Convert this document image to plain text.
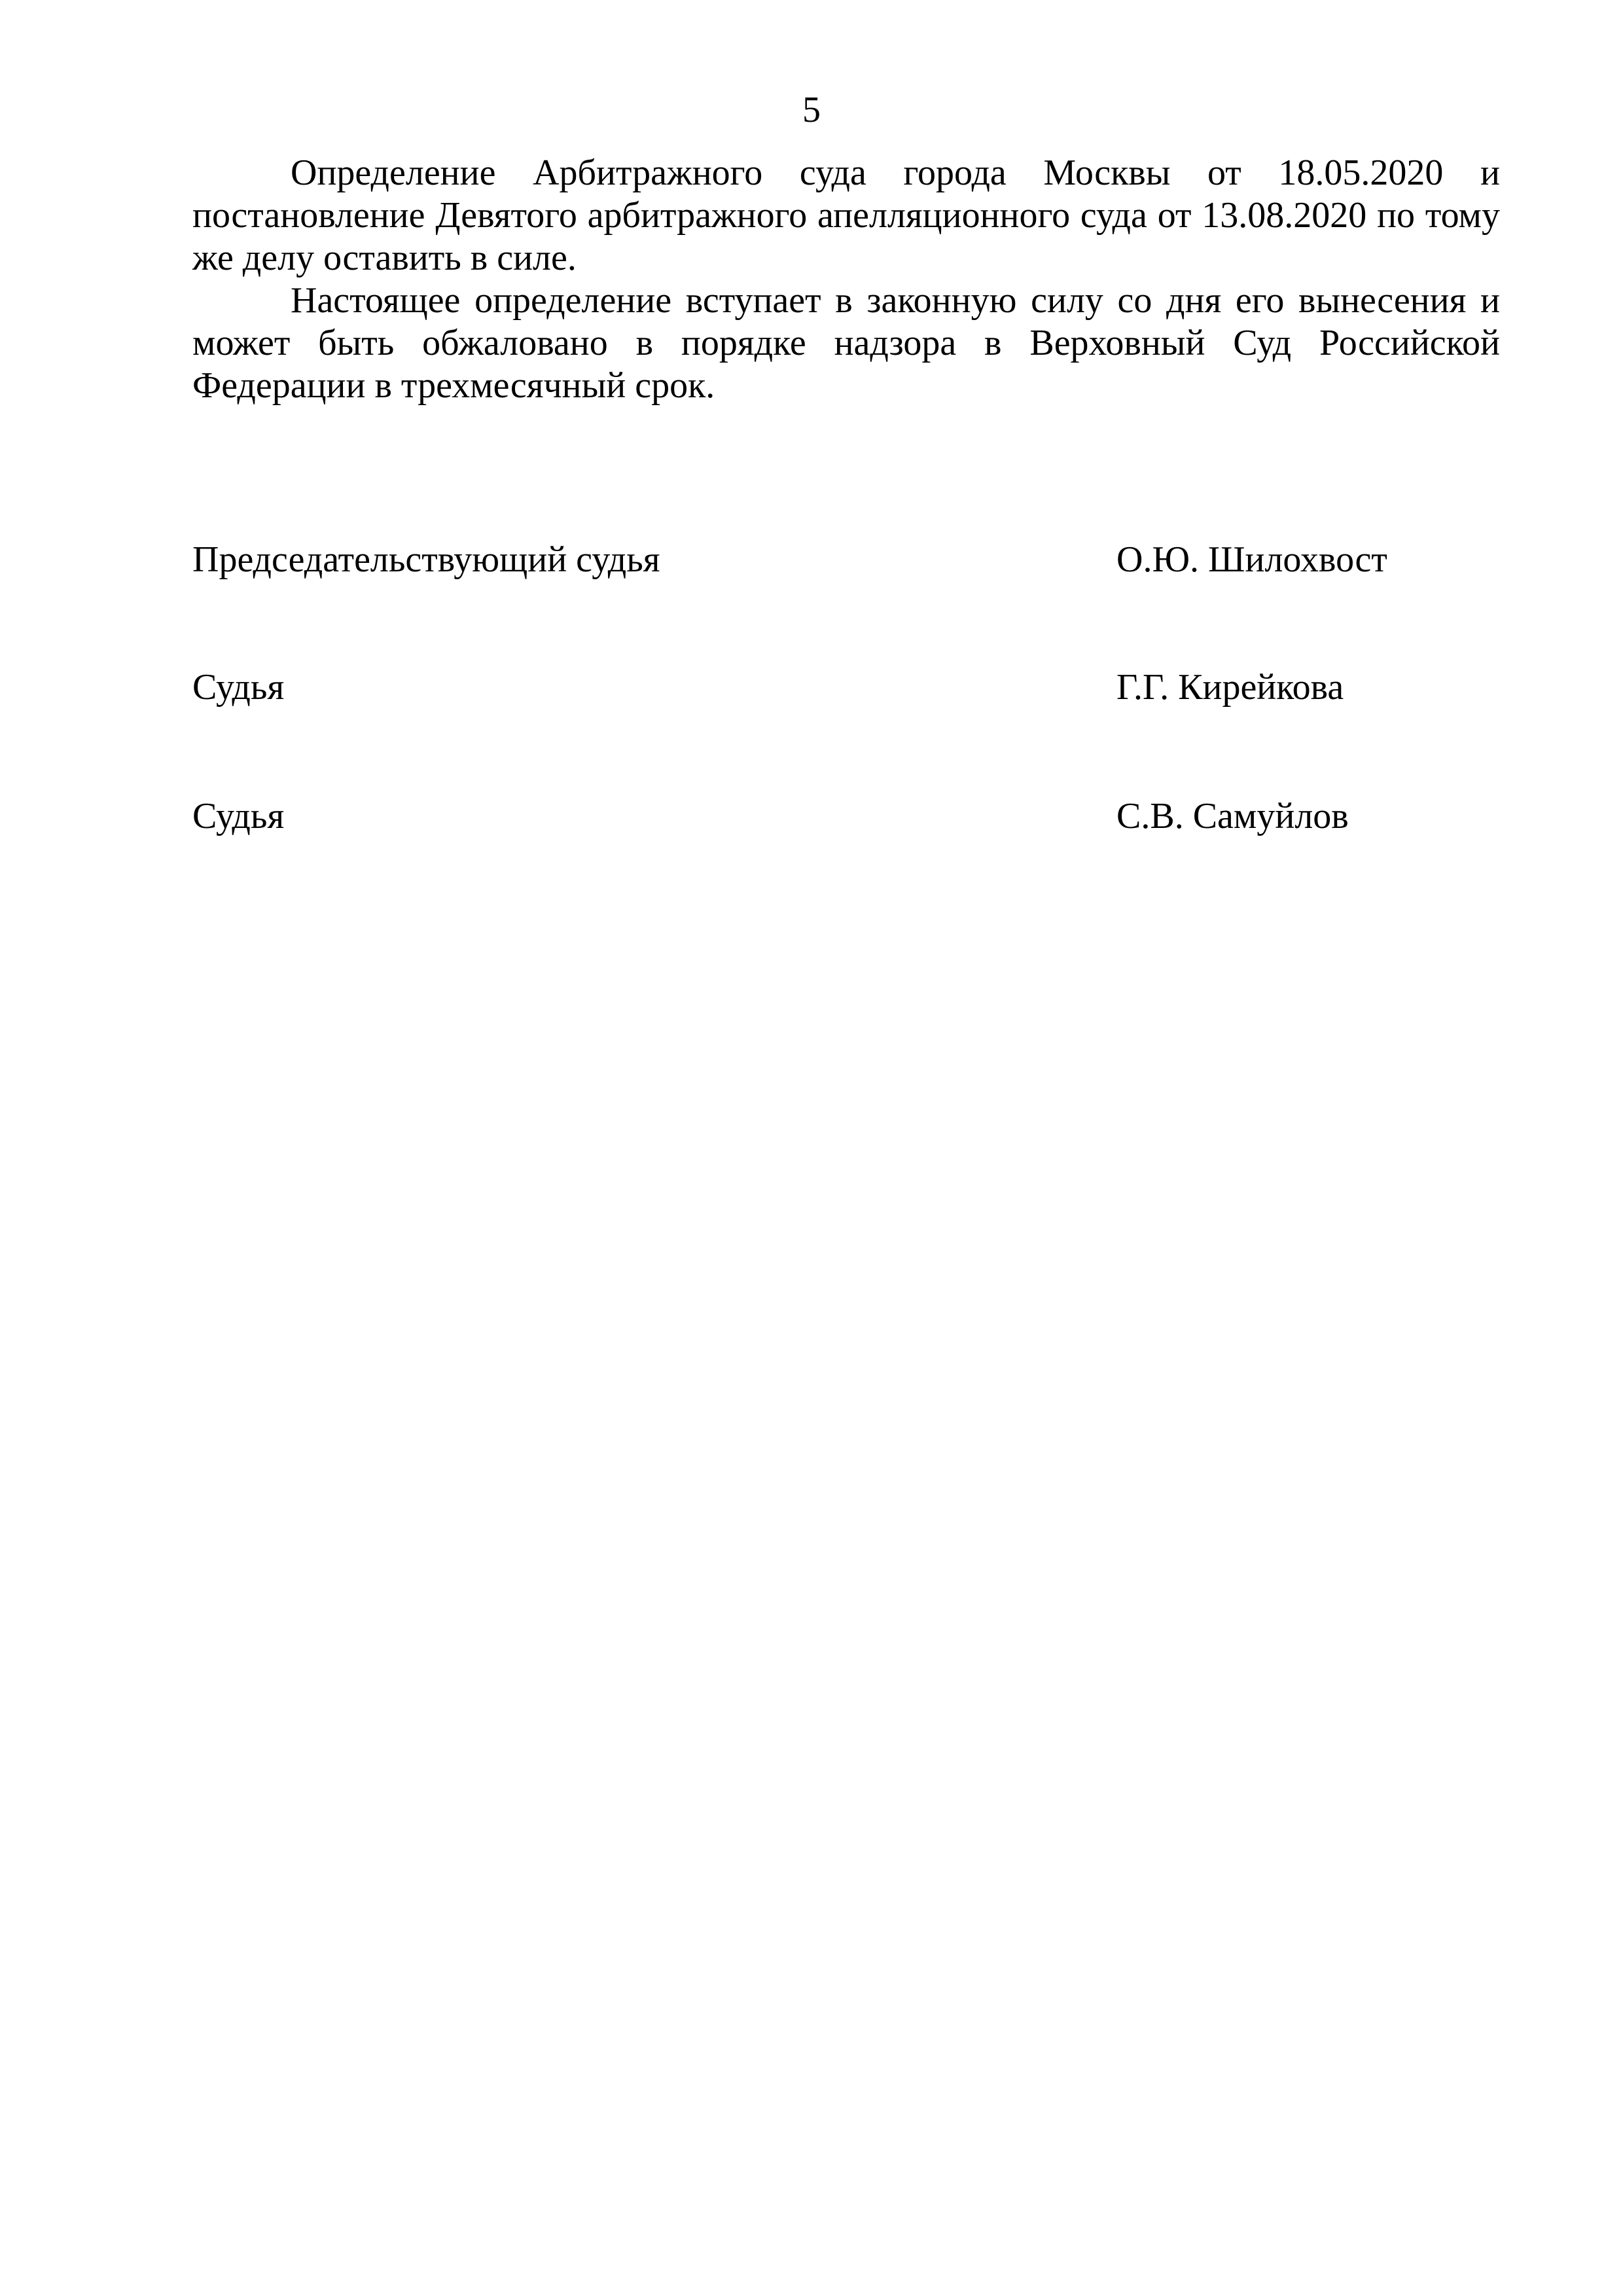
5

Определение Арбитражного суда города Москвы от 18.05.2020 и постановление Девятого арбитражного апелляционного суда от 13.08.2020 по тому же делу оставить в силе.

Настоящее определение вступает в законную силу со дня его вынесения и может быть обжаловано в порядке надзора в Верховный Суд Российской Федерации в трехмесячный срок.

Председательствующий судья	О.Ю. Шилохвост
Судья	Г.Г. Кирейкова
Судья	С.В. Самуйлов
